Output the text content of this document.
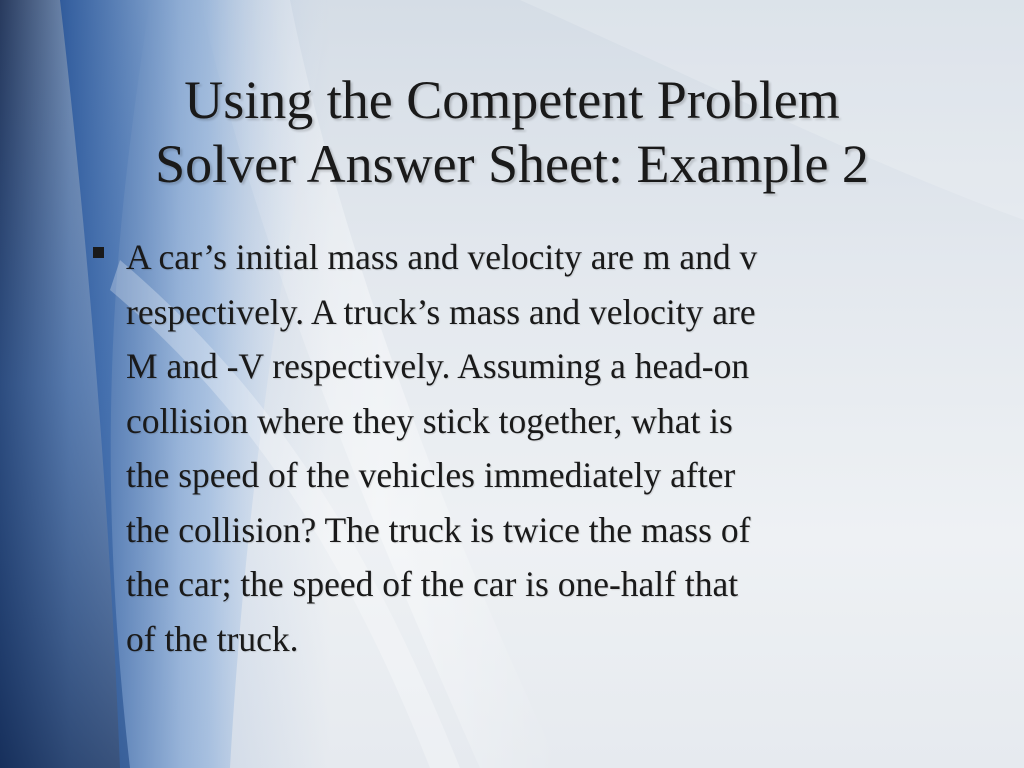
Using the Competent Problem
Solver Answer Sheet: Example 2
A car’s initial mass and velocity are m and v
respectively. A truck’s mass and velocity are
M and -V respectively. Assuming a head-on
collision where they stick together, what is
the speed of the vehicles immediately after
the collision? The truck is twice the mass of
the car; the speed of the car is one-half that
of the truck.
